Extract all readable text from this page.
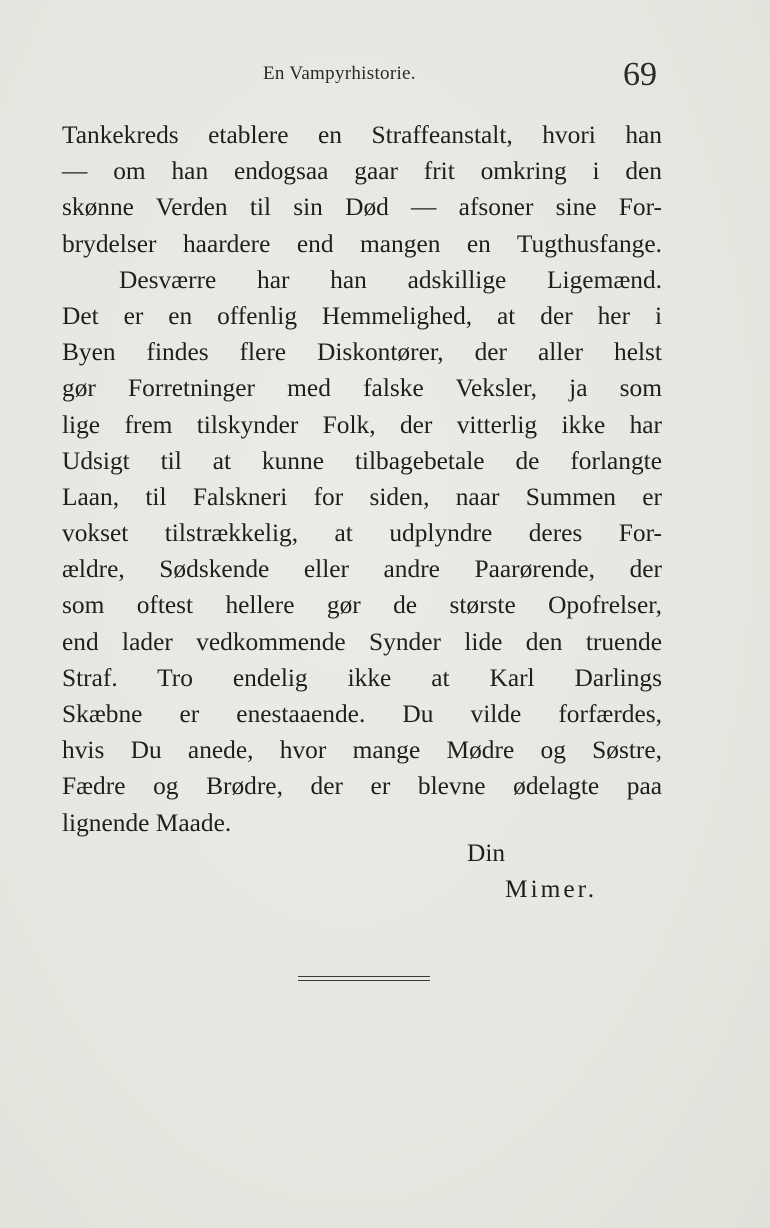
En Vampyrhistorie.	69
Tankekreds etablere en Straffeanstalt, hvori han
— om han endogsaa gaar frit omkring i den
skønne Verden til sin Død — afsoner sine For-
brydelser haardere end mangen en Tugthusfange.
Desværre har han adskillige Ligemænd.
Det er en offenlig Hemmelighed, at der her i
Byen findes flere Diskontører, der aller helst
gør Forretninger med falske Veksler, ja som
lige frem tilskynder Folk, der vitterlig ikke har
Udsigt til at kunne tilbagebetale de forlangte
Laan, til Falskneri for siden, naar Summen er
vokset tilstrækkelig, at udplyndre deres For-
ældre, Sødskende eller andre Paarørende, der
som oftest hellere gør de største Opofrelser,
end lader vedkommende Synder lide den truende
Straf. Tro endelig ikke at Karl Darlings
Skæbne er enestaaende. Du vilde forfærdes,
hvis Du anede, hvor mange Mødre og Søstre,
Fædre og Brødre, der er blevne ødelagte paa
lignende Maade.
Din
Mimer.
